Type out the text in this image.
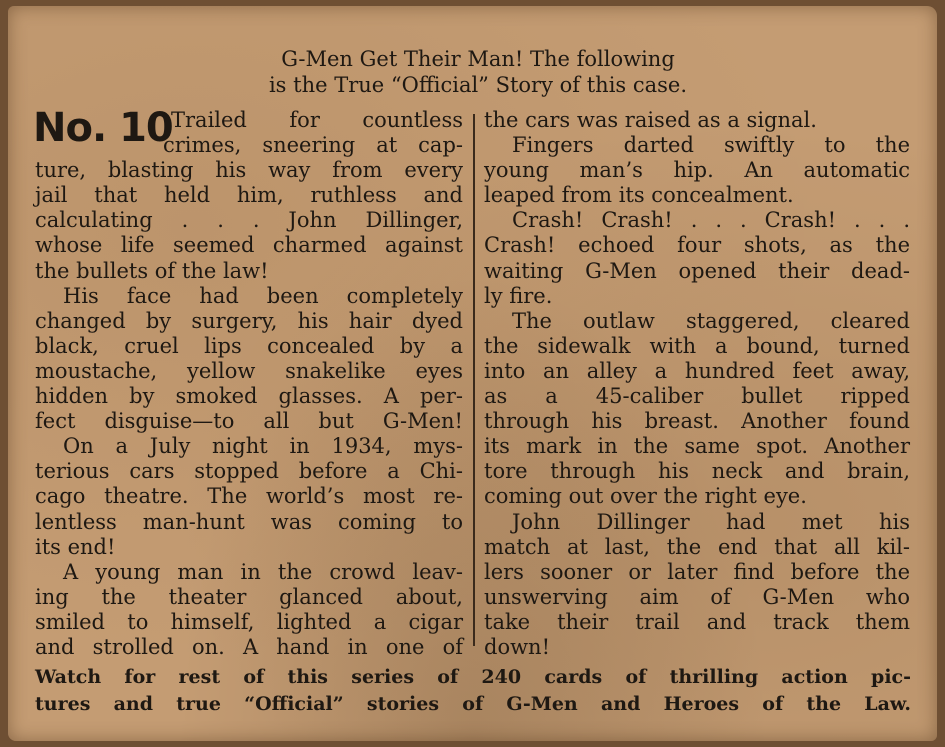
G-Men Get Their Man! The following
is the True “Official” Story of this case.
No. 10
Trailed for countless
crimes, sneering at cap-
ture, blasting his way from every
jail that held him, ruthless and
calculating . . . John Dillinger,
whose life seemed charmed against
the bullets of the law!
His face had been completely
changed by surgery, his hair dyed
black, cruel lips concealed by a
moustache, yellow snakelike eyes
hidden by smoked glasses. A per-
fect disguise—to all but G-Men!
On a July night in 1934, mys-
terious cars stopped before a Chi-
cago theatre. The world’s most re-
lentless man-hunt was coming to
its end!
A young man in the crowd leav-
ing the theater glanced about,
smiled to himself, lighted a cigar
and strolled on. A hand in one of
the cars was raised as a signal.
Fingers darted swiftly to the
young man’s hip. An automatic
leaped from its concealment.
Crash! Crash! . . . Crash! . . .
Crash! echoed four shots, as the
waiting G-Men opened their dead-
ly fire.
The outlaw staggered, cleared
the sidewalk with a bound, turned
into an alley a hundred feet away,
as a 45-caliber bullet ripped
through his breast. Another found
its mark in the same spot. Another
tore through his neck and brain,
coming out over the right eye.
John Dillinger had met his
match at last, the end that all kil-
lers sooner or later find before the
unswerving aim of G-Men who
take their trail and track them
down!
Watch for rest of this series of 240 cards of thrilling action pic-
tures and true “Official” stories of G-Men and Heroes of the Law.
